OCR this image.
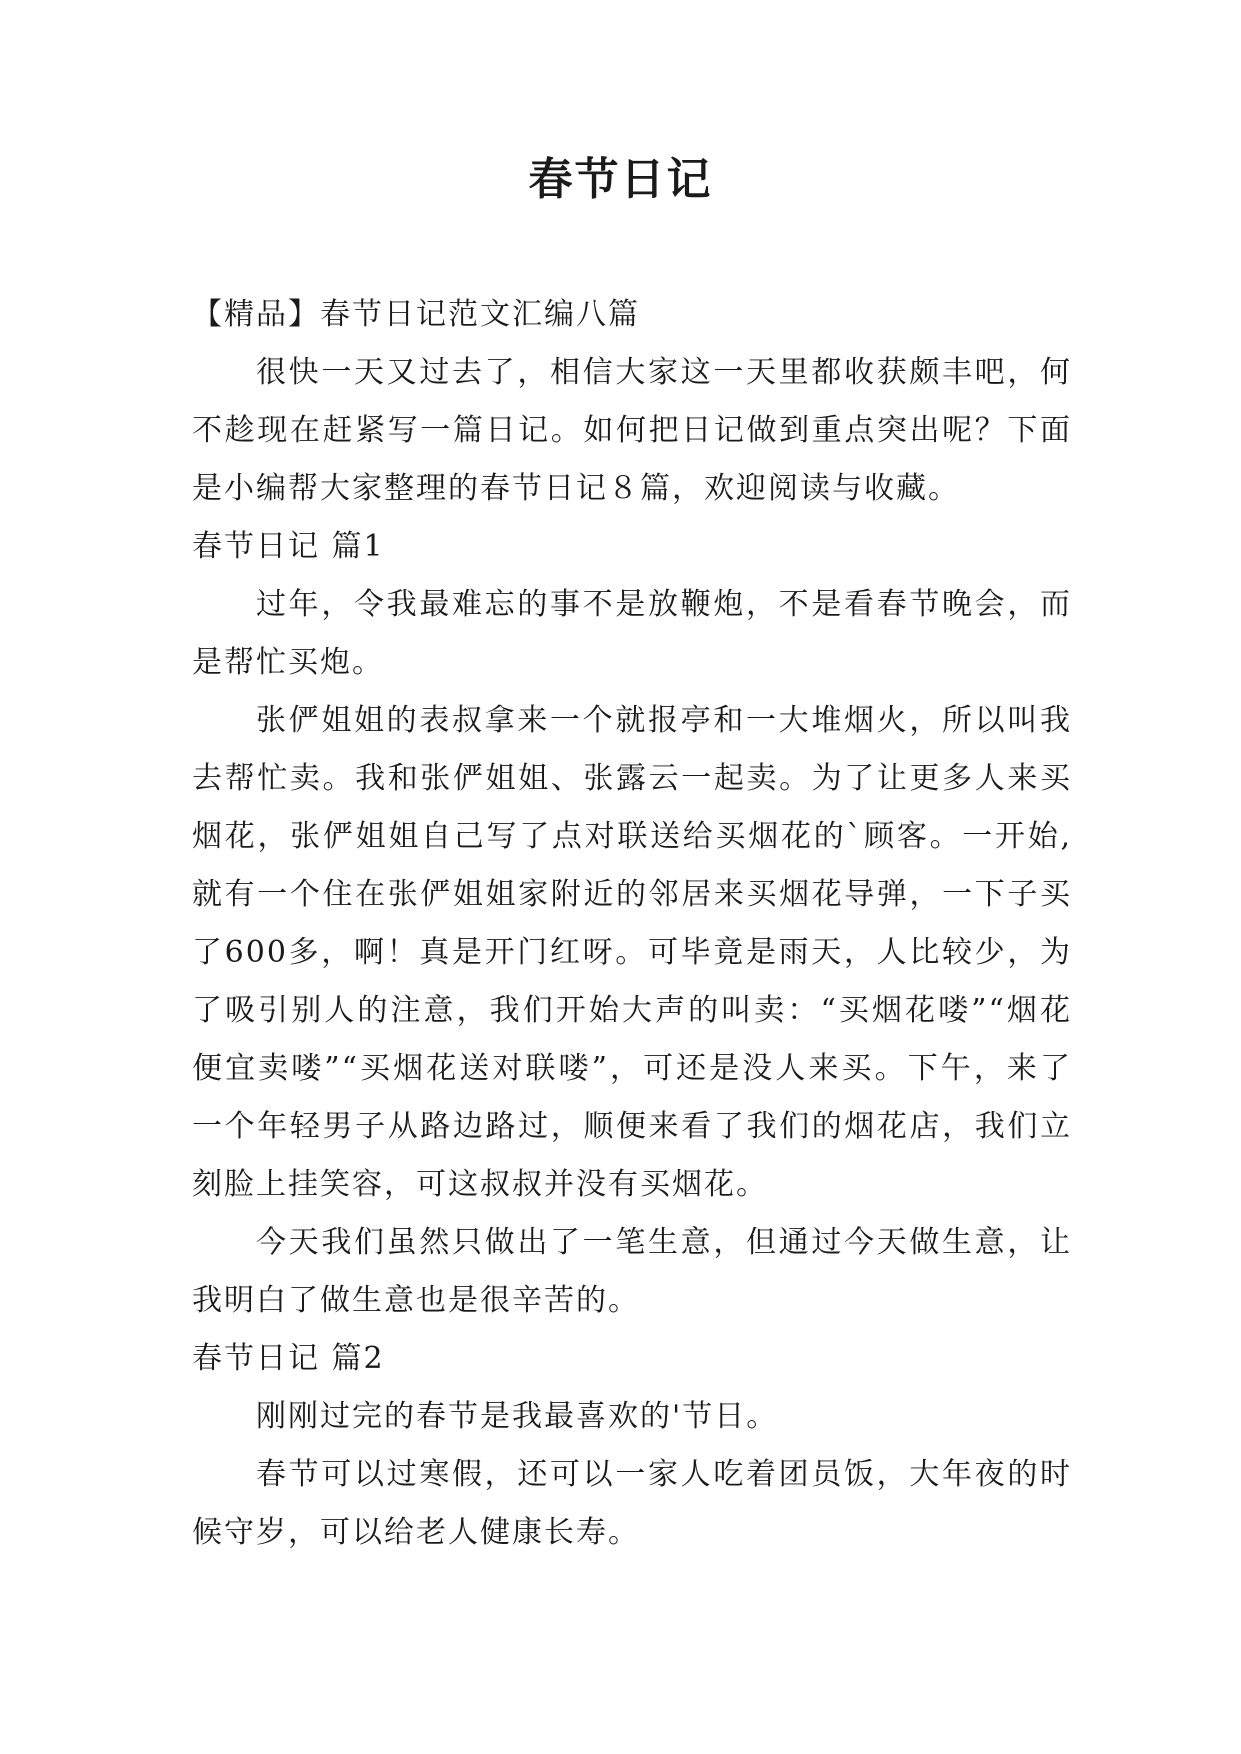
春节日记

【精品】春节日记范文汇编八篇

很快一天又过去了，相信大家这一天里都收获颇丰吧，何不趁现在赶紧写一篇日记。如何把日记做到重点突出呢？下面是小编帮大家整理的春节日记８篇，欢迎阅读与收藏。

春节日记 篇1

过年，令我最难忘的事不是放鞭炮，不是看春节晚会，而是帮忙买炮。

张俨姐姐的表叔拿来一个就报亭和一大堆烟火，所以叫我去帮忙卖。我和张俨姐姐、张露云一起卖。为了让更多人来买烟花，张俨姐姐自己写了点对联送给买烟花的`顾客。一开始,就有一个住在张俨姐姐家附近的邻居来买烟花导弹，一下子买了600多，啊！真是开门红呀。可毕竟是雨天，人比较少，为了吸引别人的注意，我们开始大声的叫卖：“买烟花喽”“烟花便宜卖喽”“买烟花送对联喽”，可还是没人来买。下午，来了一个年轻男子从路边路过，顺便来看了我们的烟花店，我们立刻脸上挂笑容，可这叔叔并没有买烟花。

今天我们虽然只做出了一笔生意，但通过今天做生意，让我明白了做生意也是很辛苦的。

春节日记 篇2

刚刚过完的春节是我最喜欢的'节日。

春节可以过寒假，还可以一家人吃着团员饭，大年夜的时候守岁，可以给老人健康长寿。
